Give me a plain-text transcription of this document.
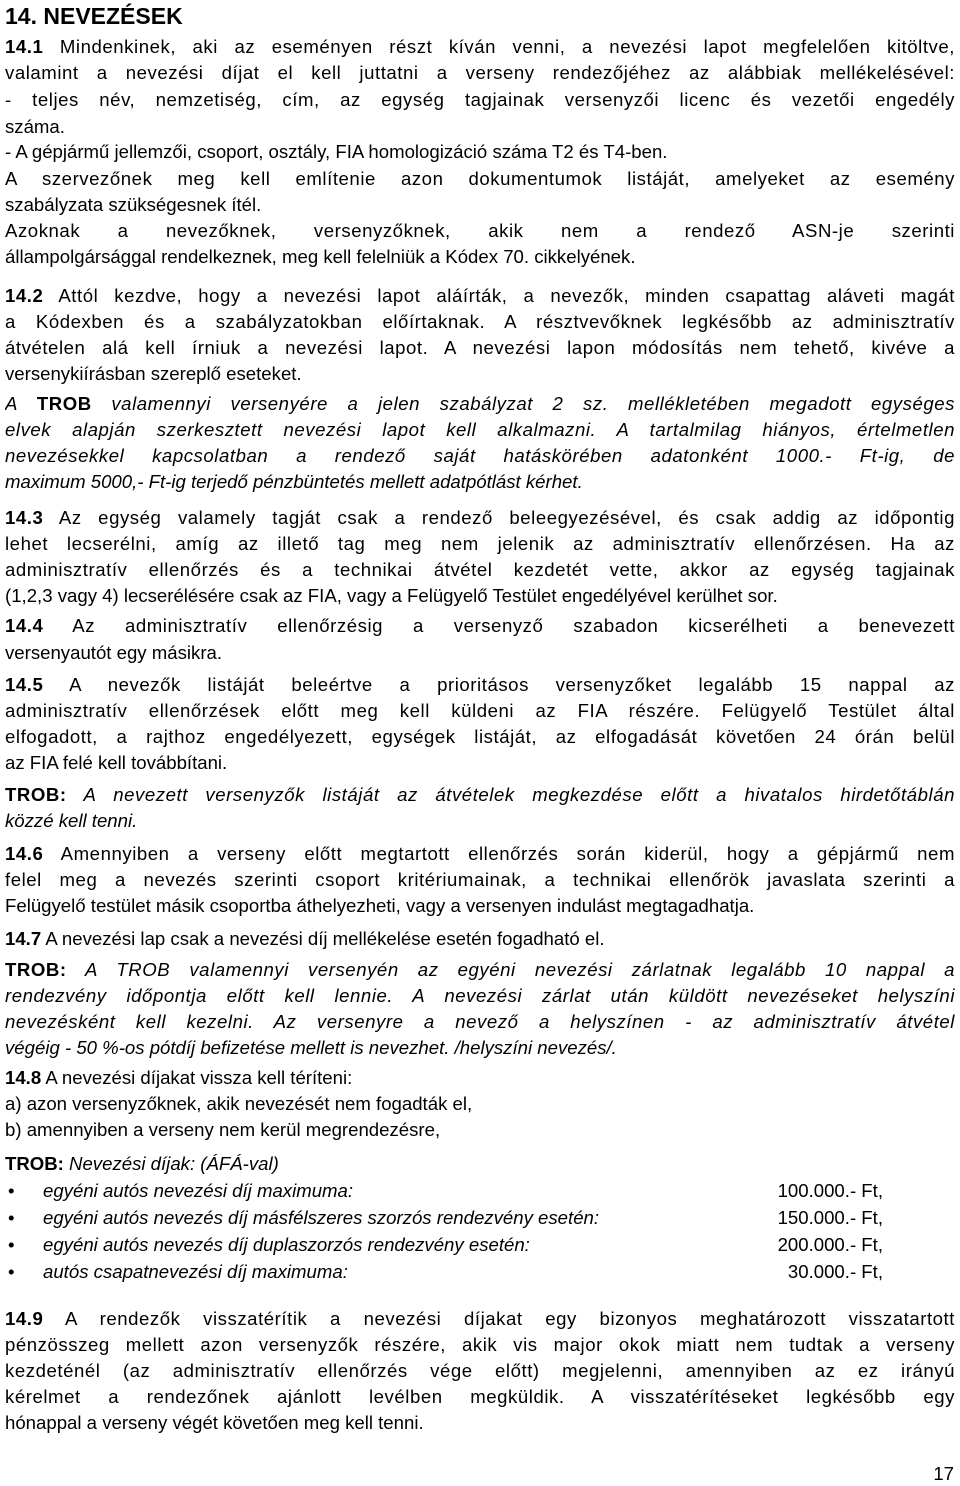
14. NEVEZÉSEK
14.1 Mindenkinek, aki az eseményen részt kíván venni, a nevezési lapot megfelelően kitöltve,
valamint a nevezési díjat el kell juttatni a verseny rendezőjéhez az alábbiak mellékelésével:
- teljes név, nemzetiség, cím, az egység tagjainak versenyzői licenc és vezetői engedély
száma.
- A gépjármű jellemzői, csoport, osztály, FIA homologizáció száma T2 és T4-ben.
A szervezőnek meg kell említenie azon dokumentumok listáját, amelyeket az esemény
szabályzata szükségesnek ítél.
Azoknak a nevezőknek, versenyzőknek, akik nem a rendező ASN-je szerinti
állampolgársággal rendelkeznek, meg kell felelniük a Kódex 70. cikkelyének.
14.2 Attól kezdve, hogy a nevezési lapot aláírták, a nevezők, minden csapattag aláveti magát
a Kódexben és a szabályzatokban előírtaknak. A résztvevőknek legkésőbb az adminisztratív
átvételen alá kell írniuk a nevezési lapot. A nevezési lapon módosítás nem tehető, kivéve a
versenykiírásban szereplő eseteket.
A TROB valamennyi versenyére a jelen szabályzat 2 sz. mellékletében megadott egységes
elvek alapján szerkesztett nevezési lapot kell alkalmazni. A tartalmilag hiányos, értelmetlen
nevezésekkel kapcsolatban a rendező saját hatáskörében adatonként 1000.- Ft-ig, de
maximum 5000,- Ft-ig terjedő pénzbüntetés mellett adatpótlást kérhet.
14.3 Az egység valamely tagját csak a rendező beleegyezésével, és csak addig az időpontig
lehet lecserélni, amíg az illető tag meg nem jelenik az adminisztratív ellenőrzésen. Ha az
adminisztratív ellenőrzés és a technikai átvétel kezdetét vette, akkor az egység tagjainak
(1,2,3 vagy 4) lecserélésére csak az FIA, vagy a Felügyelő Testület engedélyével kerülhet sor.
14.4 Az adminisztratív ellenőrzésig a versenyző szabadon kicserélheti a benevezett
versenyautót egy másikra.
14.5 A nevezők listáját beleértve a prioritásos versenyzőket legalább 15 nappal az
adminisztratív ellenőrzések előtt meg kell küldeni az FIA részére. Felügyelő Testület által
elfogadott, a rajthoz engedélyezett, egységek listáját, az elfogadását követően 24 órán belül
az FIA felé kell továbbítani.
TROB: A nevezett versenyzők listáját az átvételek megkezdése előtt a hivatalos hirdetőtáblán
közzé kell tenni.
14.6 Amennyiben a verseny előtt megtartott ellenőrzés során kiderül, hogy a gépjármű nem
felel meg a nevezés szerinti csoport kritériumainak, a technikai ellenőrök javaslata szerinti a
Felügyelő testület másik csoportba áthelyezheti, vagy a versenyen indulást megtagadhatja.
14.7 A nevezési lap csak a nevezési díj mellékelése esetén fogadható el.
TROB: A TROB valamennyi versenyén az egyéni nevezési zárlatnak legalább 10 nappal a
rendezvény időpontja előtt kell lennie. A nevezési zárlat után küldött nevezéseket helyszíni
nevezésként kell kezelni. Az versenyre a nevező a helyszínen - az adminisztratív átvétel
végéig - 50 %-os pótdíj befizetése mellett is nevezhet. /helyszíni nevezés/.
14.8 A nevezési díjakat vissza kell téríteni:
a) azon versenyzőknek, akik nevezését nem fogadták el,
b) amennyiben a verseny nem kerül megrendezésre,
TROB: Nevezési díjak: (ÁFÁ-val)
14.9 A rendezők visszatérítik a nevezési díjakat egy bizonyos meghatározott visszatartott
pénzösszeg mellett azon versenyzők részére, akik vis major okok miatt nem tudtak a verseny
kezdeténél (az adminisztratív ellenőrzés vége előtt) megjelenni, amennyiben az ez irányú
kérelmet a rendezőnek ajánlott levélben megküldik. A visszatérítéseket legkésőbb egy
hónappal a verseny végét követően meg kell tenni.
• egyéni autós nevezési díj maximuma:	100.000.- Ft,
• egyéni autós nevezés díj másfélszeres szorzós rendezvény esetén:	150.000.- Ft,
• egyéni autós nevezés díj duplaszorzós rendezvény esetén:	200.000.- Ft,
• autós csapatnevezési díj maximuma:	30.000.- Ft,
17
